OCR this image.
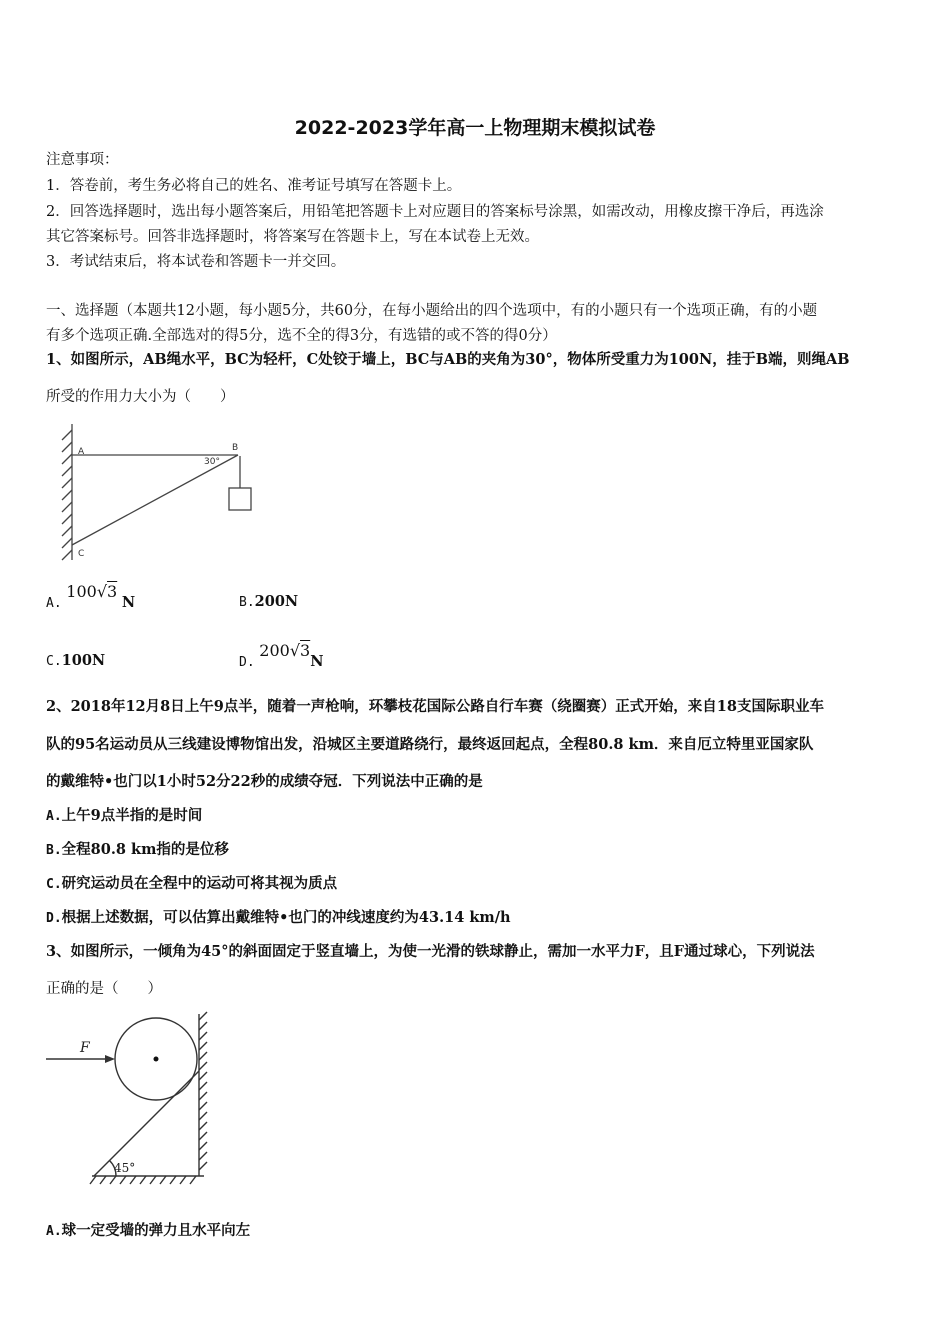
2022-2023学年高一上物理期末模拟试卷
注意事项：
1．答卷前，考生务必将自己的姓名、准考证号填写在答题卡上。
2．回答选择题时，选出每小题答案后，用铅笔把答题卡上对应题目的答案标号涂黑，如需改动，用橡皮擦干净后，再选涂
其它答案标号。回答非选择题时，将答案写在答题卡上，写在本试卷上无效。
3．考试结束后，将本试卷和答题卡一并交回。
一、选择题（本题共12小题，每小题5分，共60分，在每小题给出的四个选项中，有的小题只有一个选项正确，有的小题
有多个选项正确.全部选对的得5分，选不全的得3分，有选错的或不答的得0分）
1、如图所示，AB绳水平，BC为轻杆，C处铰于墙上，BC与AB的夹角为30°，物体所受重力为100N，挂于B端，则绳AB
所受的作用力大小为（　　）
A	B
C
30°
A. 100√3 N	B.200N
C.100N	D. 200√3N
2、2018年12月8日上午9点半，随着一声枪响，环攀枝花国际公路自行车赛（绕圈赛）正式开始，来自18支国际职业车
队的95名运动员从三线建设博物馆出发，沿城区主要道路绕行，最终返回起点，全程80.8 km．来自厄立特里亚国家队
的戴维特•也门以1小时52分22秒的成绩夺冠．下列说法中正确的是
A.上午9点半指的是时间
B.全程80.8 km指的是位移
C.研究运动员在全程中的运动可将其视为质点
D.根据上述数据，可以估算出戴维特•也门的冲线速度约为43.14 km/h
3、如图所示，一倾角为45°的斜面固定于竖直墙上，为使一光滑的铁球静止，需加一水平力F，且F通过球心，下列说法
正确的是（　　）
F
45°
A.球一定受墙的弹力且水平向左
